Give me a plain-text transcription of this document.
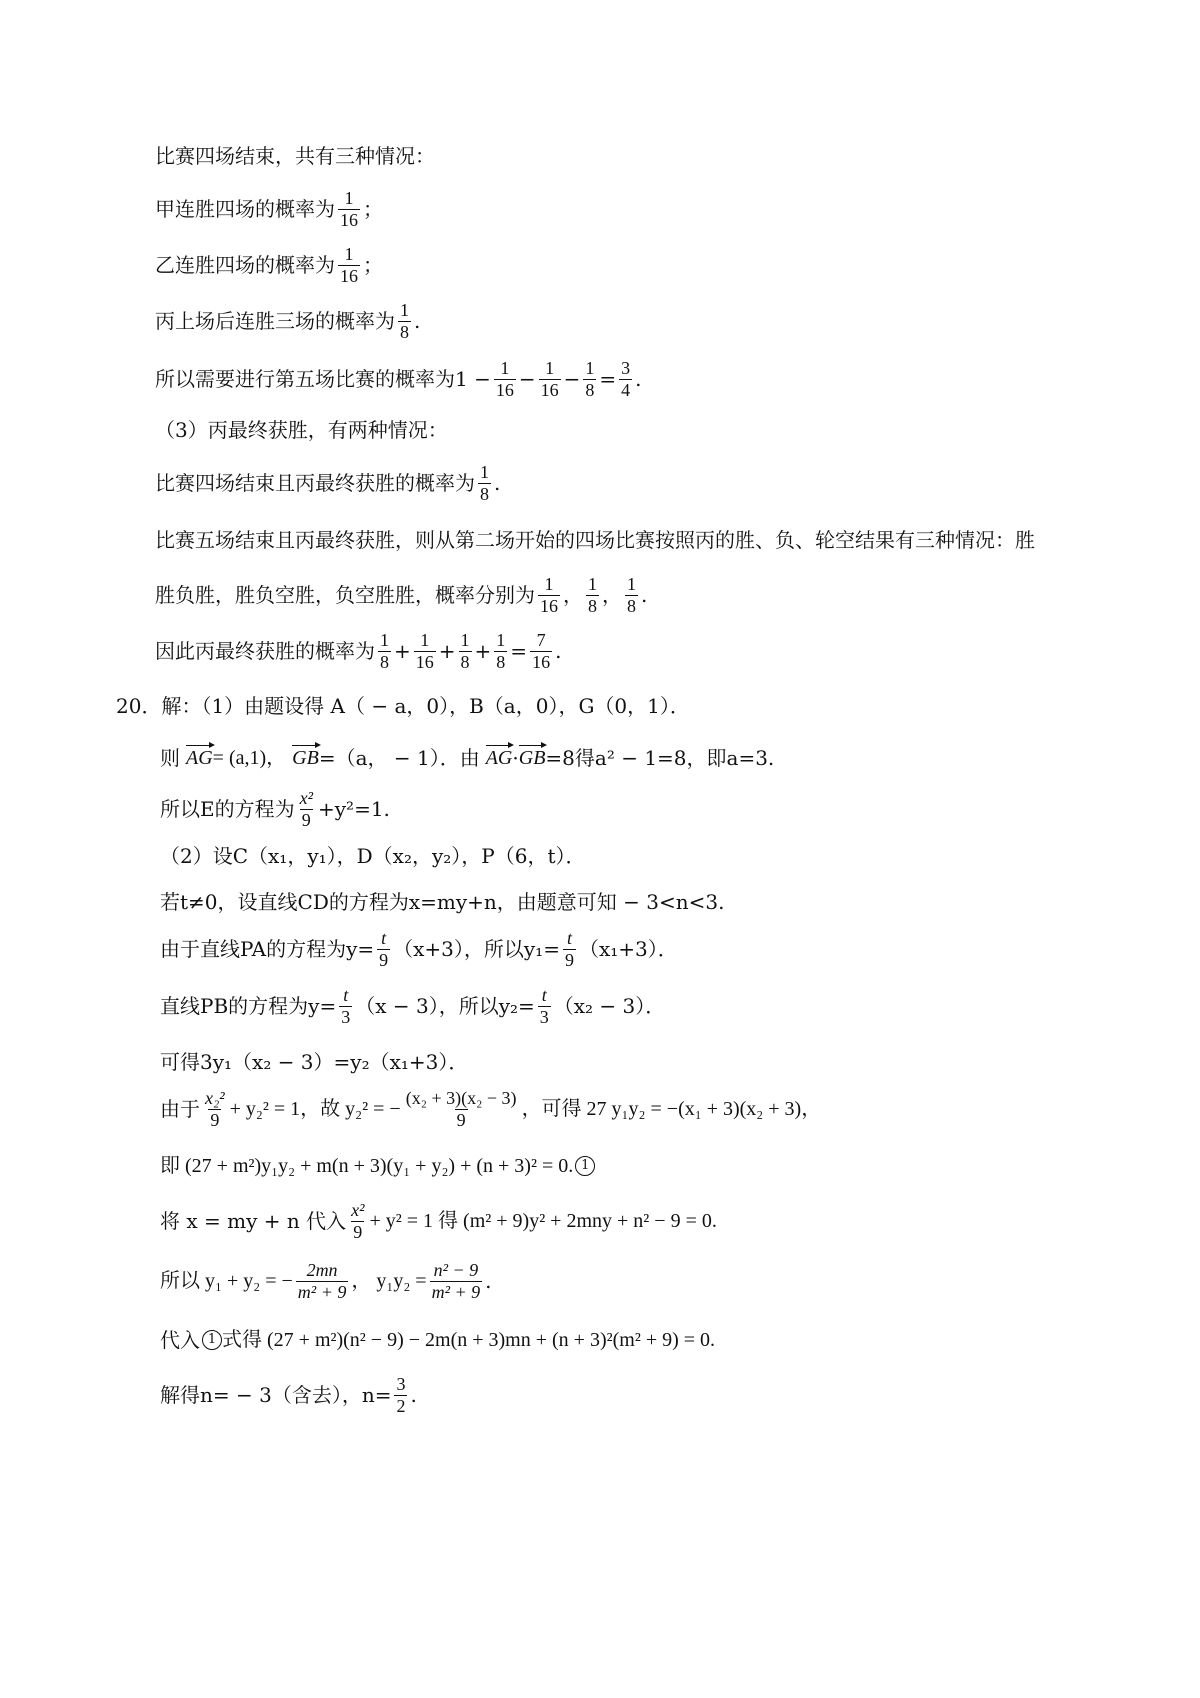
比赛四场结束，共有三种情况：
甲连胜四场的概率为 $\frac{1}{16}$ ；
乙连胜四场的概率为 $\frac{1}{16}$ ；
丙上场后连胜三场的概率为 $\frac{1}{8}$ .
所以需要进行第五场比赛的概率为$1 - \frac{1}{16} - \frac{1}{16} - \frac{1}{8} = \frac{3}{4}$ .
（3）丙最终获胜，有两种情况：
比赛四场结束且丙最终获胜的概率为 $\frac{1}{8}$ .
比赛五场结束且丙最终获胜，则从第二场开始的四场比赛按照丙的胜、负、轮空结果有三种情况：胜
胜负胜，胜负空胜，负空胜胜，概率分别为 $\frac{1}{16}$ ， $\frac{1}{8}$ ， $\frac{1}{8}$ .
因此丙最终获胜的概率为 $\frac{1}{8} + \frac{1}{16} + \frac{1}{8} + \frac{1}{8} = \frac{7}{16}$ .
20．解：（1）由题设得 A（ − a，0），B（a，0），G（0，1）．
则 AG = (a,1)， GB =（a， − 1）．由 AG · GB =8得a² − 1=8，即a=3.
所以E的方程为 $\frac{\text{x²}}{9} +y^2=1$.
（2）设C（x₁，y₁），D（x₂，y₂），P（6，t）．
若t≠0，设直线CD的方程为x=my+n，由题意可知 − 3<n<3.
由于直线PA的方程为$y= \frac{t}{9} (x+3)$，所以$y_1= \frac{t}{9} (x_1+3)$．
直线PB的方程为$y= \frac{t}{3} (x - 3)$，所以$y_2= \frac{t}{3} (x_2 - 3)$．
可得3y₁（x₂ − 3）=y₂（x₁+3）．
由于 $\frac{\text{x₂²}}{9} + y_2^2 = 1$，故 y₂² = − $\frac{\text{(x₂ + 3)(x₂ − 3)}}{9}$ ，可得 27 y₁y₂ = −(x₁ + 3)(x₂ + 3)，
即 (27 + m²)y₁y₂ + m(n + 3)(y₁ + y₂) + (n + 3)² = 0. 1
将 x = my + n 代入 $\frac{\text{x²}}{9} + y^2 = 1$ 得 (m² + 9)y² + 2mny + n² − 9 = 0.
所以 y₁ + y₂ = − $\frac{2mn}{\text{m² + 9}}$ ， $y_1y_2 = \frac{\text{n² − 9}}{\text{m² + 9}}$ .
代入 1 式得 (27 + m²)(n² − 9) − 2m(n + 3)mn + (n + 3)²(m² + 9) = 0.
解得n= − 3（含去），$n= \frac{3}{2}$ .
